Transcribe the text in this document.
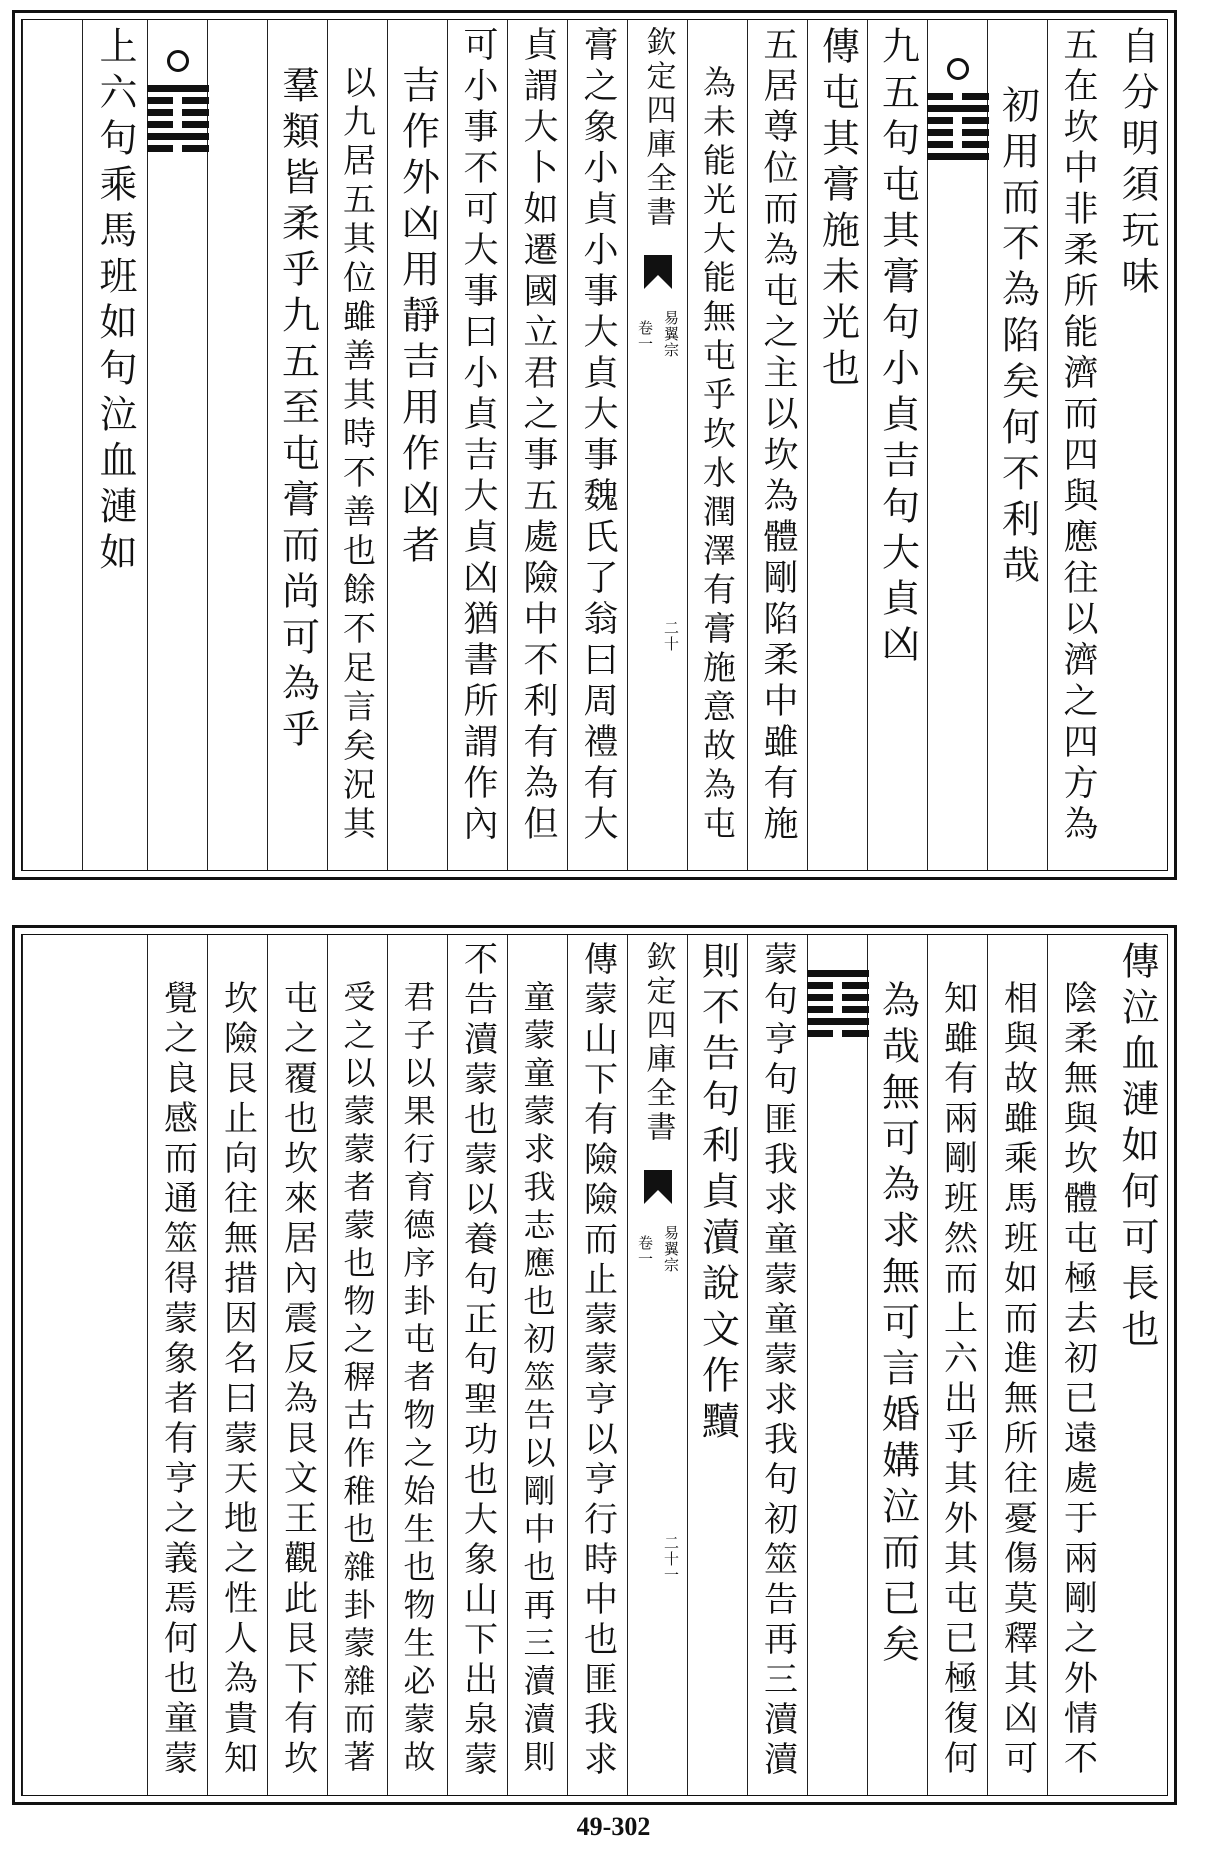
自分明須玩味
五在坎中非柔所能濟而四與應往以濟之四方為
初用而不為陷矣何不利哉
九五句屯其膏句小貞吉句大貞凶
傳屯其膏施未光也
五居尊位而為屯之主以坎為體剛陷柔中雖有施
為未能光大能無屯乎坎水潤澤有膏施意故為屯
欽定四庫全書
易翼宗
卷一
二十
膏之象小貞小事大貞大事魏氏了翁曰周禮有大
貞謂大卜如遷國立君之事五處險中不利有為但
可小事不可大事曰小貞吉大貞凶猶書所謂作內
吉作外凶用靜吉用作凶者
以九居五其位雖善其時不善也餘不足言矣況其
羣類皆柔乎九五至屯膏而尚可為乎
上六句乘馬班如句泣血漣如
傳泣血漣如何可長也
陰柔無與坎體屯極去初已遠處于兩剛之外情不
相與故雖乘馬班如而進無所往憂傷莫釋其凶可
知雖有兩剛班然而上六出乎其外其屯已極復何
為哉無可為求無可言婚媾泣而已矣
蒙句亨句匪我求童蒙童蒙求我句初筮告再三瀆瀆
則不告句利貞瀆說文作黷
欽定四庫全書
易翼宗
卷一
二十一
傳蒙山下有險險而止蒙蒙亨以亨行時中也匪我求
童蒙童蒙求我志應也初筮告以剛中也再三瀆瀆則
不告瀆蒙也蒙以養句正句聖功也大象山下出泉蒙
君子以果行育德序卦屯者物之始生也物生必蒙故
受之以蒙蒙者蒙也物之稺古作稚也雜卦蒙雜而著
屯之覆也坎來居內震反為艮文王觀此艮下有坎
坎險艮止向往無措因名曰蒙天地之性人為貴知
覺之良感而通筮得蒙象者有亨之義焉何也童蒙
49-302
